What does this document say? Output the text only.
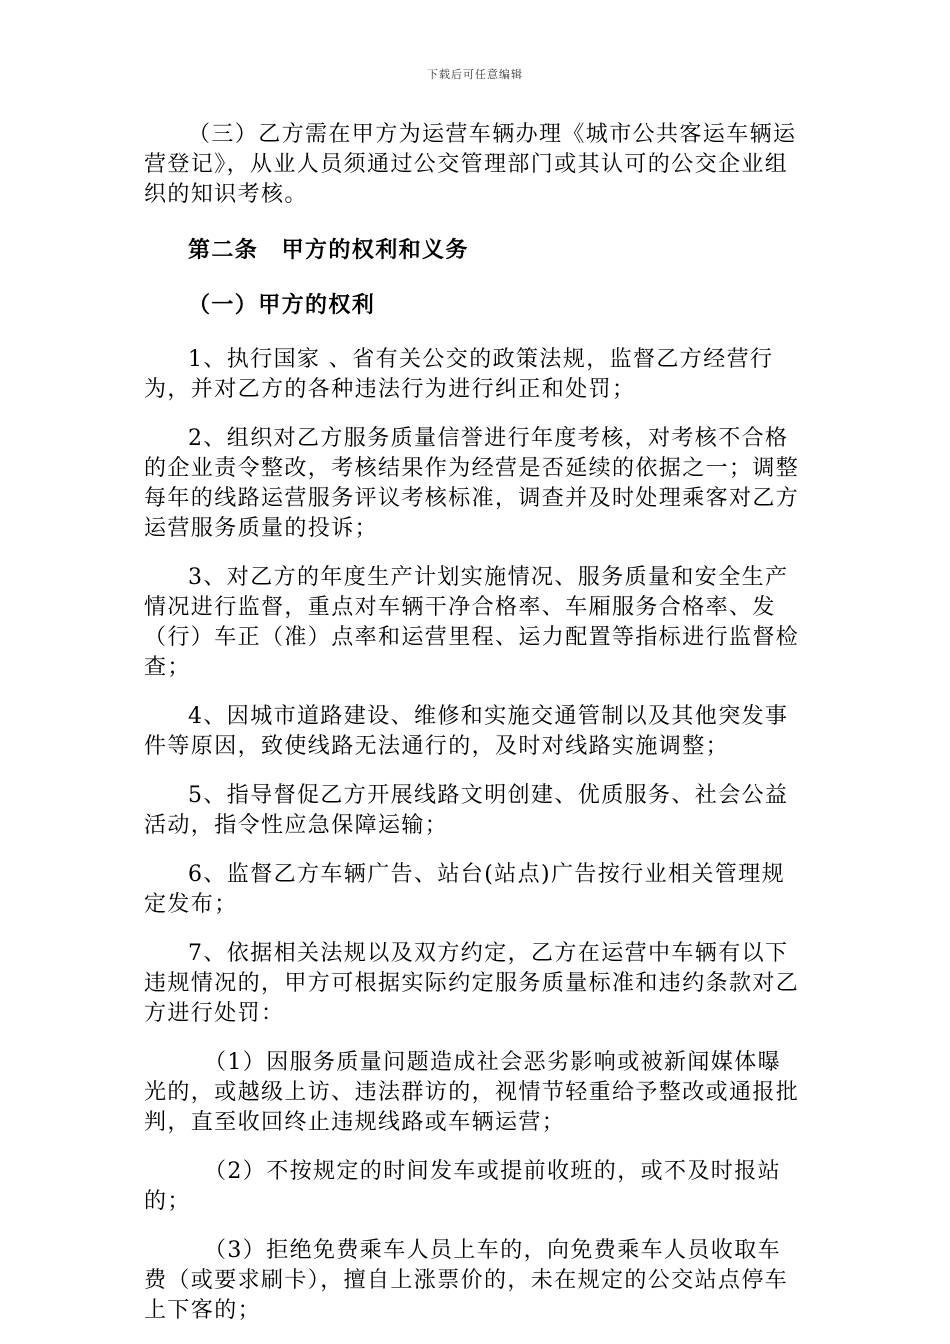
下载后可任意编辑

（三）乙方需在甲方为运营车辆办理《城市公共客运车辆运营登记》，从业人员须通过公交管理部门或其认可的公交企业组织的知识考核。

第二条　甲方的权利和义务

（一）甲方的权利

1、执行国家 、省有关公交的政策法规，监督乙方经营行为，并对乙方的各种违法行为进行纠正和处罚；

2、组织对乙方服务质量信誉进行年度考核，对考核不合格的企业责令整改，考核结果作为经营是否延续的依据之一；调整每年的线路运营服务评议考核标准，调查并及时处理乘客对乙方运营服务质量的投诉；

3、对乙方的年度生产计划实施情况、服务质量和安全生产情况进行监督，重点对车辆干净合格率、车厢服务合格率、发（行）车正（准）点率和运营里程、运力配置等指标进行监督检查；

4、因城市道路建设、维修和实施交通管制以及其他突发事件等原因，致使线路无法通行的，及时对线路实施调整；

5、指导督促乙方开展线路文明创建、优质服务、社会公益活动，指令性应急保障运输；

6、监督乙方车辆广告、站台(站点)广告按行业相关管理规定发布；

7、依据相关法规以及双方约定，乙方在运营中车辆有以下违规情况的，甲方可根据实际约定服务质量标准和违约条款对乙方进行处罚：

（1）因服务质量问题造成社会恶劣影响或被新闻媒体曝光的，或越级上访、违法群访的，视情节轻重给予整改或通报批判，直至收回终止违规线路或车辆运营；

（2）不按规定的时间发车或提前收班的，或不及时报站的；

（3）拒绝免费乘车人员上车的，向免费乘车人员收取车费（或要求刷卡），擅自上涨票价的，未在规定的公交站点停车上下客的；
